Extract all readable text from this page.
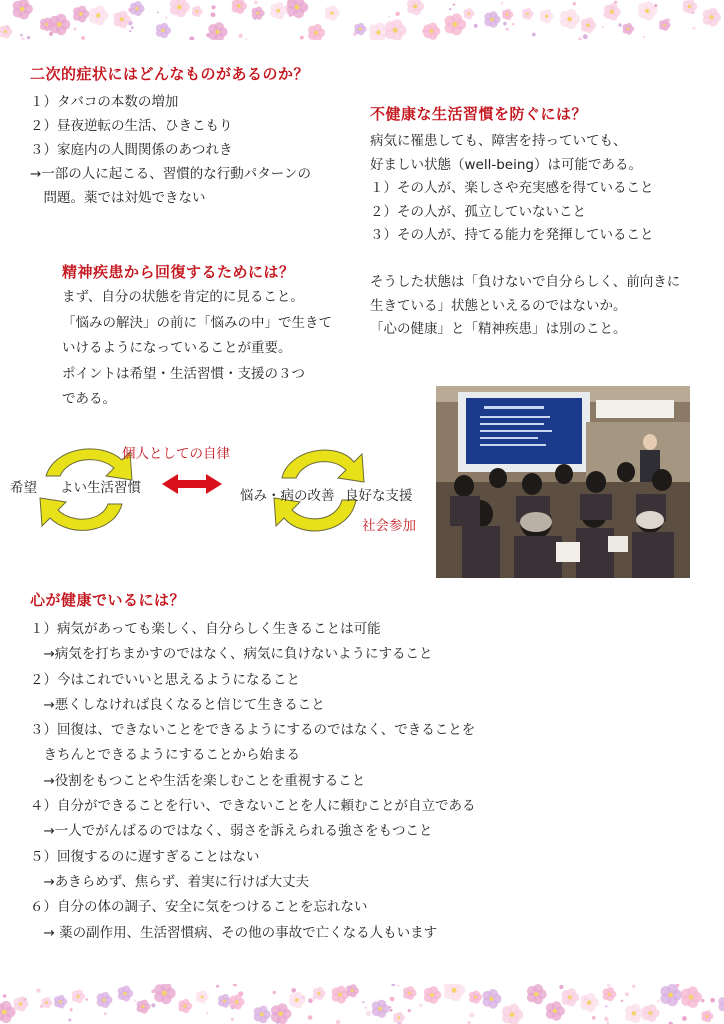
二次的症状にはどんなものがあるのか？
１）タバコの本数の増加
２）昼夜逆転の生活、ひきこもり
３）家庭内の人間関係のあつれき
→一部の人に起こる、習慣的な行動パターンの
　問題。薬では対処できない
不健康な生活習慣を防ぐには？
病気に罹患しても、障害を持っていても、
好ましい状態（well-being）は可能である。
１）その人が、楽しさや充実感を得ていること
２）その人が、孤立していないこと
３）その人が、持てる能力を発揮していること
そうした状態は「負けないで自分らしく、前向きに
生きている」状態といえるのではないか。
「心の健康」と「精神疾患」は別のこと。
精神疾患から回復するためには？
まず、自分の状態を肯定的に見ること。
「悩みの解決」の前に「悩みの中」で生きて
いけるようになっていることが重要。
ポイントは希望・生活習慣・支援の３つ
である。
個人としての自律
希望 よい生活習慣	悩み・病の改善 良好な支援
社会参加
心が健康でいるには？
１）病気があっても楽しく、自分らしく生きることは可能
　→病気を打ちまかすのではなく、病気に負けないようにすること
２）今はこれでいいと思えるようになること
　→悪くしなければ良くなると信じて生きること
３）回復は、できないことをできるようにするのではなく、できることを
　きちんとできるようにすることから始まる
　→役割をもつことや生活を楽しむことを重視すること
４）自分ができることを行い、できないことを人に頼むことが自立である
　→一人でがんばるのではなく、弱さを訴えられる強さをもつこと
５）回復するのに遅すぎることはない
　→あきらめず、焦らず、着実に行けば大丈夫
６）自分の体の調子、安全に気をつけることを忘れない
　→ 薬の副作用、生活習慣病、その他の事故で亡くなる人もいます
